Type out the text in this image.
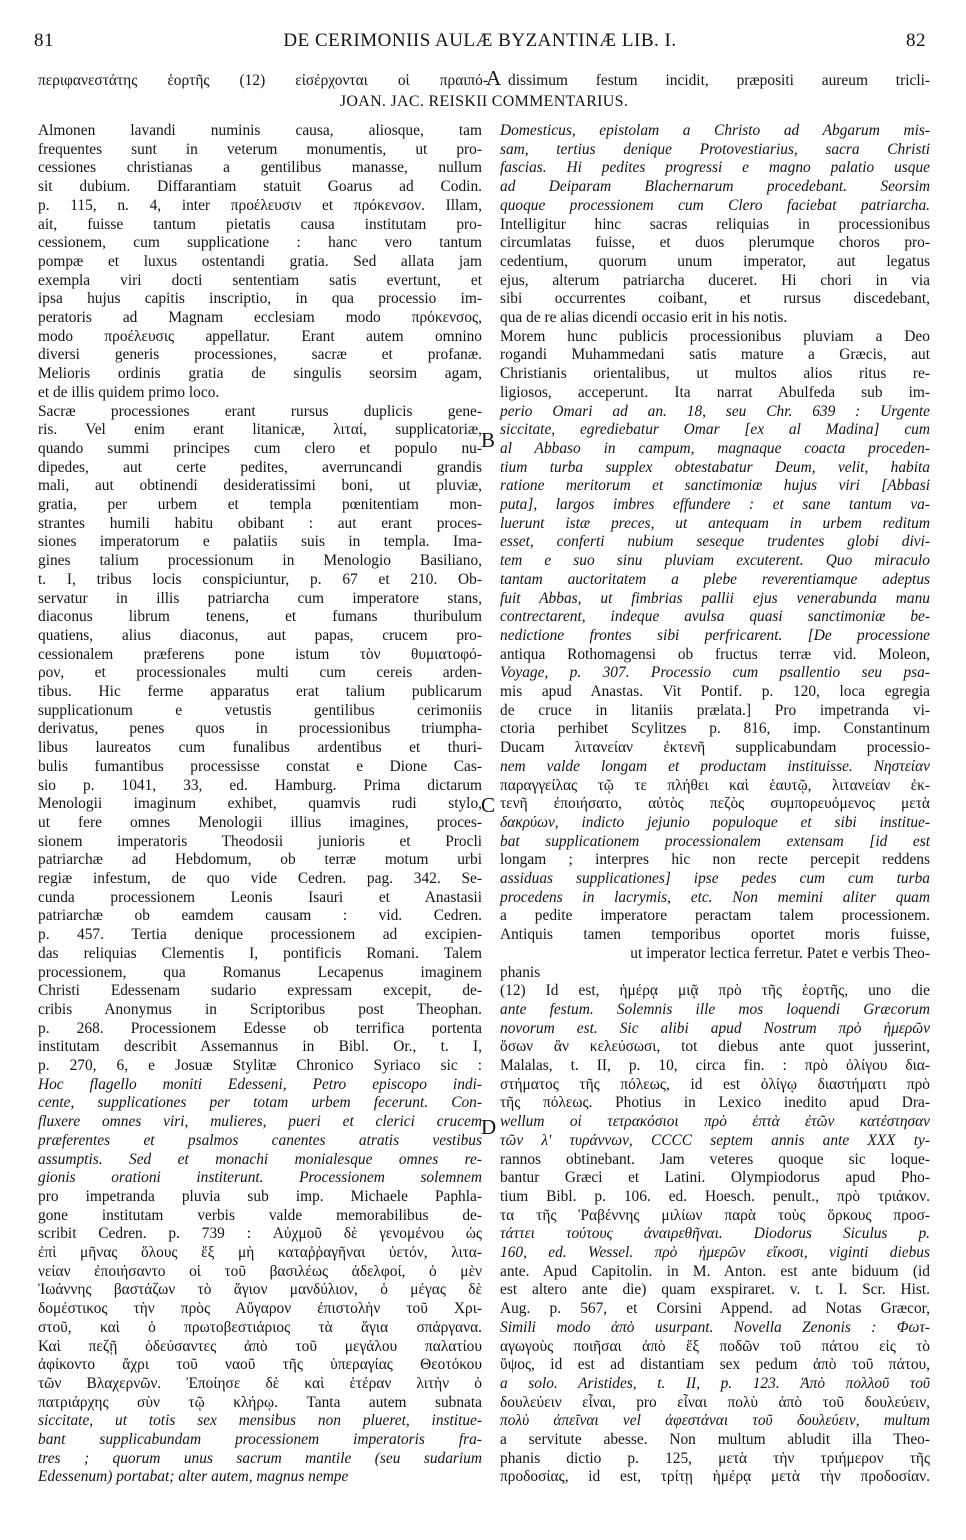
81	DE CERIMONIIS AULÆ BYZANTINÆ LIB. I.	82
περιφανεστάτης ἑορτῆς (12) εἰσέρχονται οἱ πραιπό- dissimum festum incidit, præpositi aureum tricli-
JOAN. JAC. REISKII COMMENTARIUS.
A
B
C
D
Almonen lavandi numinis causa, aliosque, tam
frequentes sunt in veterum monumentis, ut pro-
cessiones christianas a gentilibus manasse, nullum
sit dubium. Diffarantiam statuit Goarus ad Codin.
p. 115, n. 4, inter προέλευσιν et πρόκενσον. Illam,
ait, fuisse tantum pietatis causa institutam pro-
cessionem, cum supplicatione : hanc vero tantum
pompæ et luxus ostentandi gratia. Sed allata jam
exempla viri docti sententiam satis evertunt, et
ipsa hujus capitis inscriptio, in qua processio im-
peratoris ad Magnam ecclesiam modo πρόκενσος,
modo προέλευσις appellatur. Erant autem omnino
diversi generis processiones, sacræ et profanæ.
Melioris ordinis gratia de singulis seorsim agam,
et de illis quidem primo loco.
Sacræ processiones erant rursus duplicis gene-
ris. Vel enim erant litanicæ, λιταί, supplicatoriæ,
quando summi principes cum clero et populo nu-
dipedes, aut certe pedites, averruncandi grandis
mali, aut obtinendi desideratissimi boni, ut pluviæ,
gratia, per urbem et templa pœnitentiam mon-
strantes humili habitu obibant : aut erant proces-
siones imperatorum e palatiis suis in templa. Ima-
gines talium processionum in Menologio Basiliano,
t. I, tribus locis conspiciuntur, p. 67 et 210. Ob-
servatur in illis patriarcha cum imperatore stans,
diaconus librum tenens, et fumans thuribulum
quatiens, alius diaconus, aut papas, crucem pro-
cessionalem præferens pone istum τὸν θυμιατοφό-
ρον, et processionales multi cum cereis arden-
tibus. Hic ferme apparatus erat talium publicarum
supplicationum e vetustis gentilibus cerimoniis
derivatus, penes quos in processionibus triumpha-
libus laureatos cum funalibus ardentibus et thuri-
bulis fumantibus processisse constat e Dione Cas-
sio p. 1041, 33, ed. Hamburg. Prima dictarum
Menologii imaginum exhibet, quamvis rudi stylo,
ut fere omnes Menologii illius imagines, proces-
sionem imperatoris Theodosii junioris et Procli
patriarchæ ad Hebdomum, ob terræ motum urbi
regiæ infestum, de quo vide Cedren. pag. 342. Se-
cunda processionem Leonis Isauri et Anastasii
patriarchæ ob eamdem causam : vid. Cedren.
p. 457. Tertia denique processionem ad excipien-
das reliquias Clementis I, pontificis Romani. Talem
processionem, qua Romanus Lecapenus imaginem
Christi Edessenam sudario expressam excepit, de-
cribis Anonymus in Scriptoribus post Theophan.
p. 268. Processionem Edesse ob terrifica portenta
institutam describit Assemannus in Bibl. Or., t. I,
p. 270, 6, e Josuæ Stylitæ Chronico Syriaco sic :
Hoc flagello moniti Edesseni, Petro episcopo indi-
cente, supplicationes per totam urbem fecerunt. Con-
fluxere omnes viri, mulieres, pueri et clerici crucem
præferentes et psalmos canentes atratis vestibus
assumptis. Sed et monachi monialesque omnes re-
gionis orationi institerunt. Processionem solemnem
pro impetranda pluvia sub imp. Michaele Paphla-
gone institutam verbis valde memorabilibus de-
scribit Cedren. p. 739 : Αὐχμοῦ δὲ γενομένου ὡς
ἐπὶ μῆνας ὅλους ἕξ μὴ καταῤῥαγῆναι ὑετόν, λιτα-
νείαν ἐποιήσαντο οἱ τοῦ βασιλέως ἀδελφοί, ὁ μὲν
Ἰωάννης βαστάζων τὸ ἅγιον μανδύλιον, ὁ μέγας δὲ
δομέστικος τὴν πρὸς Αὔγαρον ἐπιστολὴν τοῦ Χρι-
στοῦ, καὶ ὁ πρωτοβεστιάριος τὰ ἅγια σπάργανα.
Καὶ πεζῇ ὁδεύσαντες ἀπὸ τοῦ μεγάλου παλατίου
ἀφίκοντο ἄχρι τοῦ ναοῦ τῆς ὑπεραγίας Θεοτόκου
τῶν Βλαχερνῶν. Ἐποίησε δὲ καὶ ἑτέραν λιτὴν ὁ
πατριάρχης σὺν τῷ κλήρῳ. Tanta autem subnata
siccitate, ut totis sex mensibus non plueret, institue-
bant supplicabundam processionem imperatoris fra-
tres ; quorum unus sacrum mantile (seu sudarium
Edessenum) portabat; alter autem, magnus nempe
Domesticus, epistolam a Christo ad Abgarum mis-
sam, tertius denique Protovestiarius, sacra Christi
fascias. Hi pedites progressi e magno palatio usque
ad Deiparam Blachernarum procedebant. Seorsim
quoque processionem cum Clero faciebat patriarcha.
Intelligitur hinc sacras reliquias in processionibus
circumlatas fuisse, et duos plerumque choros pro-
cedentium, quorum unum imperator, aut legatus
ejus, alterum patriarcha duceret. Hi chori in via
sibi occurrentes coibant, et rursus discedebant,
qua de re alias dicendi occasio erit in his notis.
Morem hunc publicis processionibus pluviam a Deo
rogandi Muhammedani satis mature a Græcis, aut
Christianis orientalibus, ut multos alios ritus re-
ligiosos, acceperunt. Ita narrat Abulfeda sub im-
perio Omari ad an. 18, seu Chr. 639 : Urgente
siccitate, egrediebatur Omar [ex al Madina] cum
al Abbaso in campum, magnaque coacta proceden-
tium turba supplex obtestabatur Deum, velit, habita
ratione meritorum et sanctimoniæ hujus viri [Abbasi
puta], largos imbres effundere : et sane tantum va-
luerunt istæ preces, ut antequam in urbem reditum
esset, conferti nubium seseque trudentes globi divi-
tem e suo sinu pluviam excuterent. Quo miraculo
tantam auctoritatem a plebe reverentiamque adeptus
fuit Abbas, ut fimbrias pallii ejus venerabunda manu
contrectarent, indeque avulsa quasi sanctimoniæ be-
nedictione frontes sibi perfricarent. [De processione
antiqua Rothomagensi ob fructus terræ vid. Moleon,
Voyage, p. 307. Processio cum psallentio seu psa-
mis apud Anastas. Vit Pontif. p. 120, loca egregia
de cruce in litaniis prælata.] Pro impetranda vi-
ctoria perhibet Scylitzes p. 816, imp. Constantinum
Ducam λιτανείαν ἐκτενῆ supplicabundam processio-
nem valde longam et productam instituisse. Νηστείαν
παραγγείλας τῷ τε πλήθει καὶ ἑαυτῷ, λιτανείαν ἐκ-
τενῆ ἐποιήσατο, αὐτὸς πεζὸς συμπορευόμενος μετὰ
δακρύων, indicto jejunio populoque et sibi institue-
bat supplicationem processionalem extensam [id est
longam ; interpres hic non recte percepit reddens
assiduas supplicationes] ipse pedes cum cum turba
procedens in lacrymis, etc. Non memini aliter quam
a pedite imperatore peractam talem processionem.
Antiquis tamen temporibus oportet moris fuisse,
ut imperator lectica ferretur. Patet e verbis Theo-
phanis
(12) Id est, ἡμέρᾳ μιᾷ πρὸ τῆς ἑορτῆς, uno die
ante festum. Solemnis ille mos loquendi Græcorum
novorum est. Sic alibi apud Nostrum πρὸ ἡμερῶν
ὅσων ἂν κελεύσωσι, tot diebus ante quot jusserint,
Malalas, t. II, p. 10, circa fin. : πρὸ ὀλίγου δια-
στήματος τῆς πόλεως, id est ὀλίγῳ διαστήματι πρὸ
τῆς πόλεως. Photius in Lexico inedito apud Dra-
wellum οἱ τετρακόσιοι πρὸ ἑπτὰ ἐτῶν κατέστησαν
τῶν λʹ τυράννων, CCCC septem annis ante XXX ty-
rannos obtinebant. Jam veteres quoque sic loque-
bantur Græci et Latini. Olympiodorus apud Pho-
tium Bibl. p. 106. ed. Hoesch. penult., πρὸ τριάκον.
τα τῆς Ῥαβέννης μιλίων παρὰ τοὺς ὅρκους προσ-
τάττει τούτους ἀναιρεθῆναι. Diodorus Siculus p.
160, ed. Wessel. πρὸ ἡμερῶν εἴκοσι, viginti diebus
ante. Apud Capitolin. in M. Anton. est ante biduum (id
est altero ante die) quam exspiraret. v. t. I. Scr. Hist.
Aug. p. 567, et Corsini Append. ad Notas Græcor,
Simili modo ἀπὸ usurpant. Novella Zenonis : Φωτ-
αγωγοὺς ποιῆσαι ἀπὸ ἕξ ποδῶν τοῦ πάτου εἰς τὸ
ὕψος, id est ad distantiam sex pedum ἀπὸ τοῦ πάτου,
a solo. Aristides, t. II, p. 123. Ἀπὸ πολλοῦ τοῦ
δουλεύειν εἶναι, pro εἶναι πολὺ ἀπὸ τοῦ δουλεύειν,
πολὺ ἀπεῖναι vel ἀφεστάναι τοῦ δουλεύειν, multum
a servitute abesse. Non multum abludit illa Theo-
phanis dictio p. 125, μετὰ τὴν τριήμερον τῆς
προδοσίας, id est, τρίτῃ ἡμέρᾳ μετὰ τὴν προδοσίαν.
